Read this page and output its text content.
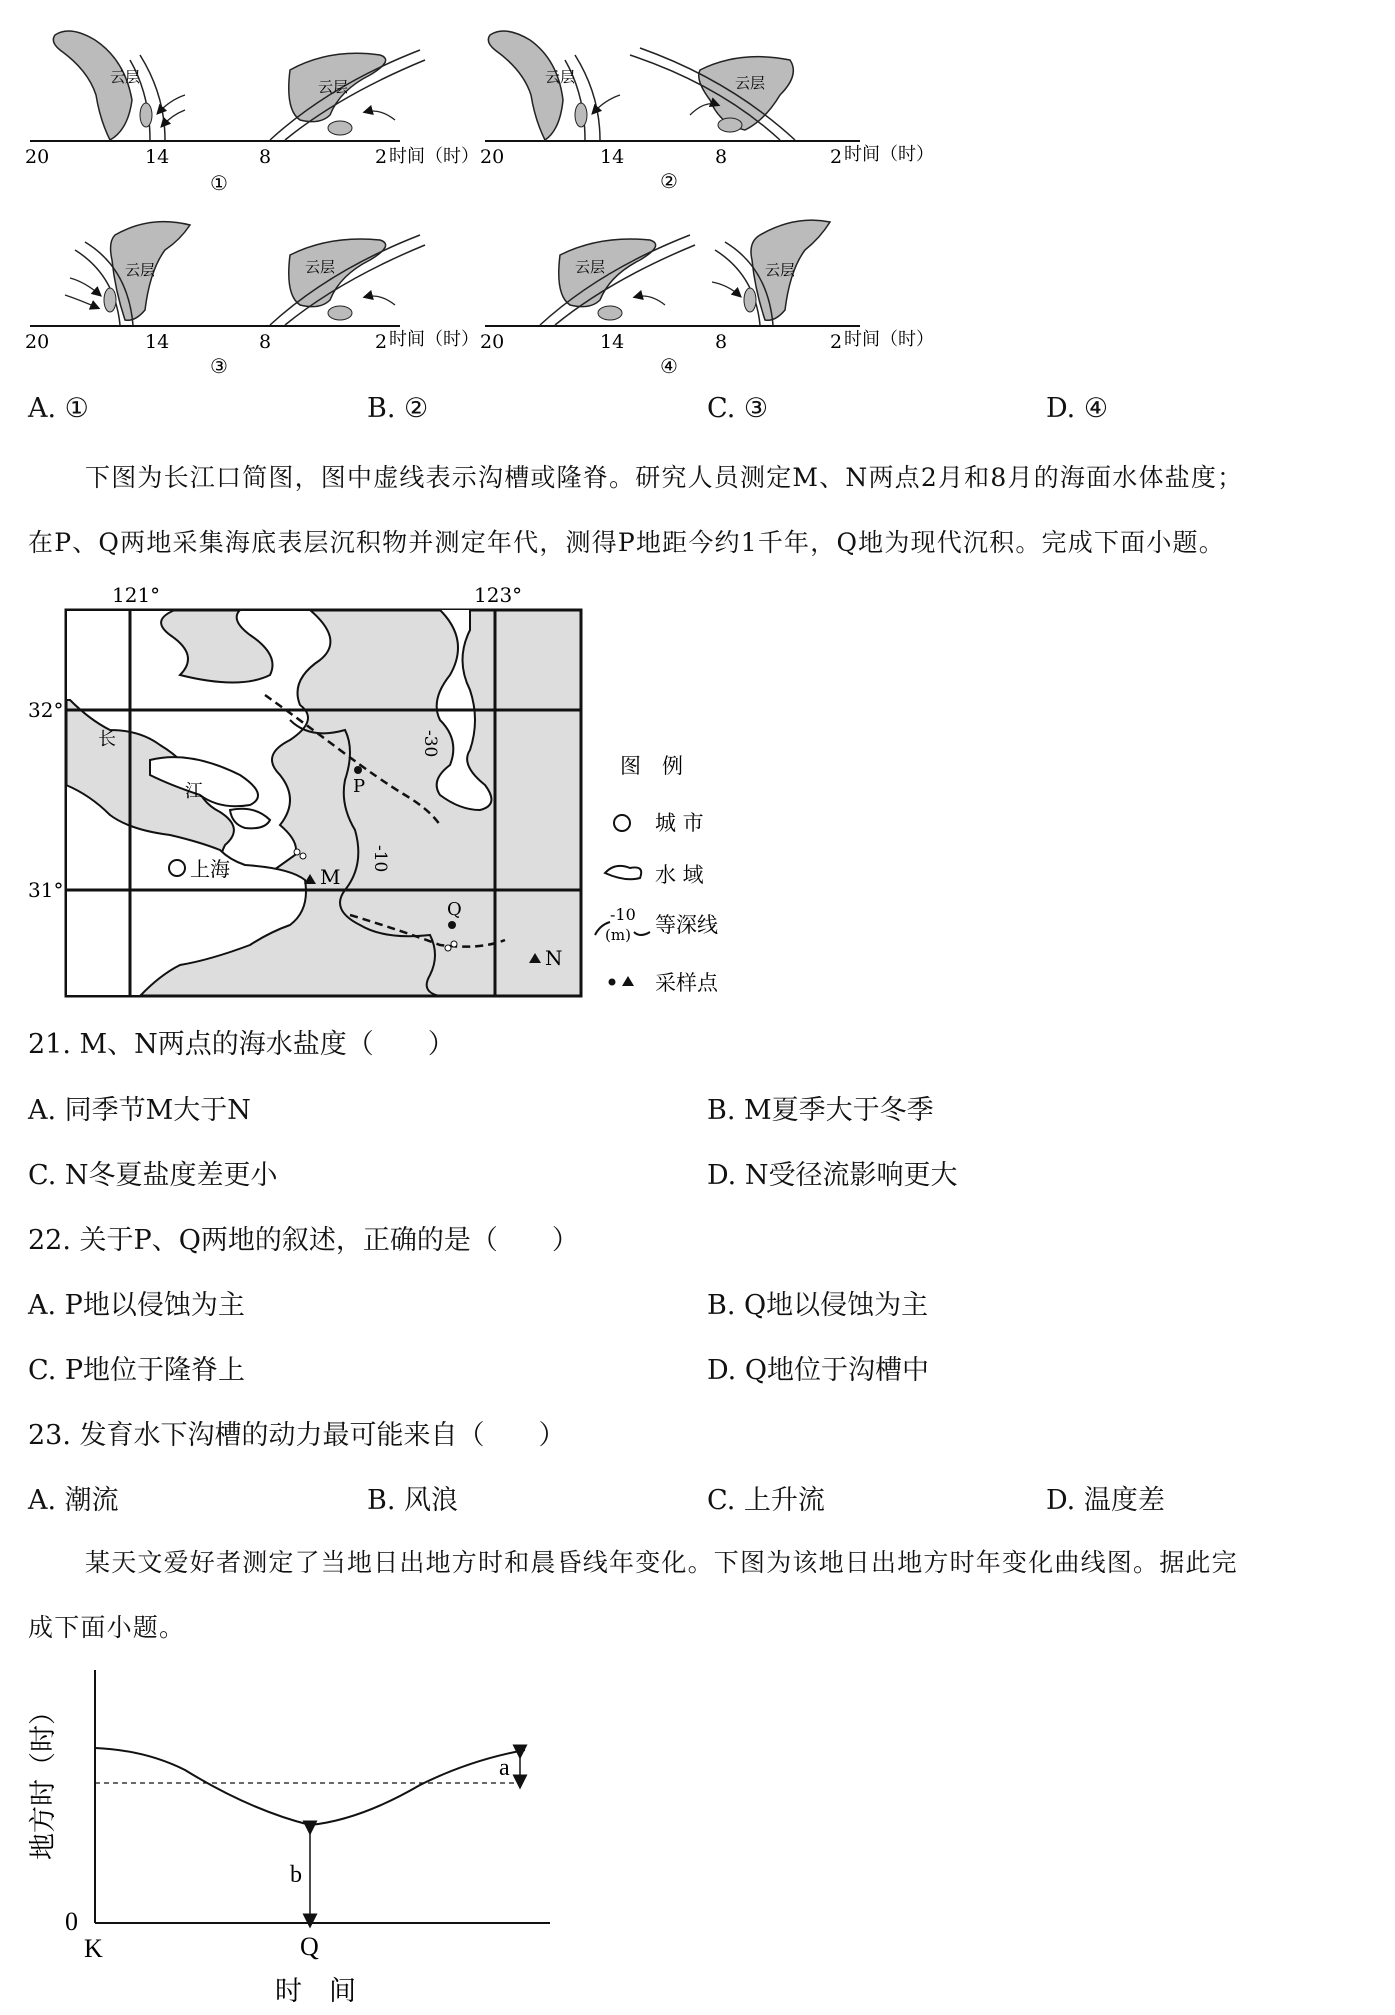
云层
云层
云层	云层
云层	云层	云层	云层
20	14	8	2 时间（时）
①
20	14	8	2 时间（时）
②
20	14	8	2 时间（时）
③
20	14	8	2 时间（时）
④
A. ①	B. ②	C. ③	D. ④
下图为长江口简图，图中虚线表示沟槽或隆脊。研究人员测定M、N两点2月和8月的海面水体盐度；
在P、Q两地采集海底表层沉积物并测定年代，测得P地距今约1千年，Q地为现代沉积。完成下面小题。
121°	123°
32°
31°
长
江
上海	M
P
Q
N
-10
-30
图　例
城 市
水 域
-10
(m) 等深线
采样点
21. M、N两点的海水盐度（　　）
A. 同季节M大于N	B. M夏季大于冬季
C. N冬夏盐度差更小	D. N受径流影响更大
22. 关于P、Q两地的叙述，正确的是（　　）
A. P地以侵蚀为主	B. Q地以侵蚀为主
C. P地位于隆脊上	D. Q地位于沟槽中
23. 发育水下沟槽的动力最可能来自（　　）
A. 潮流	B. 风浪	C. 上升流	D. 温度差
某天文爱好者测定了当地日出地方时和晨昏线年变化。下图为该地日出地方时年变化曲线图。据此完
成下面小题。
a
b
0
K	Q
时　间
地方时（时）
